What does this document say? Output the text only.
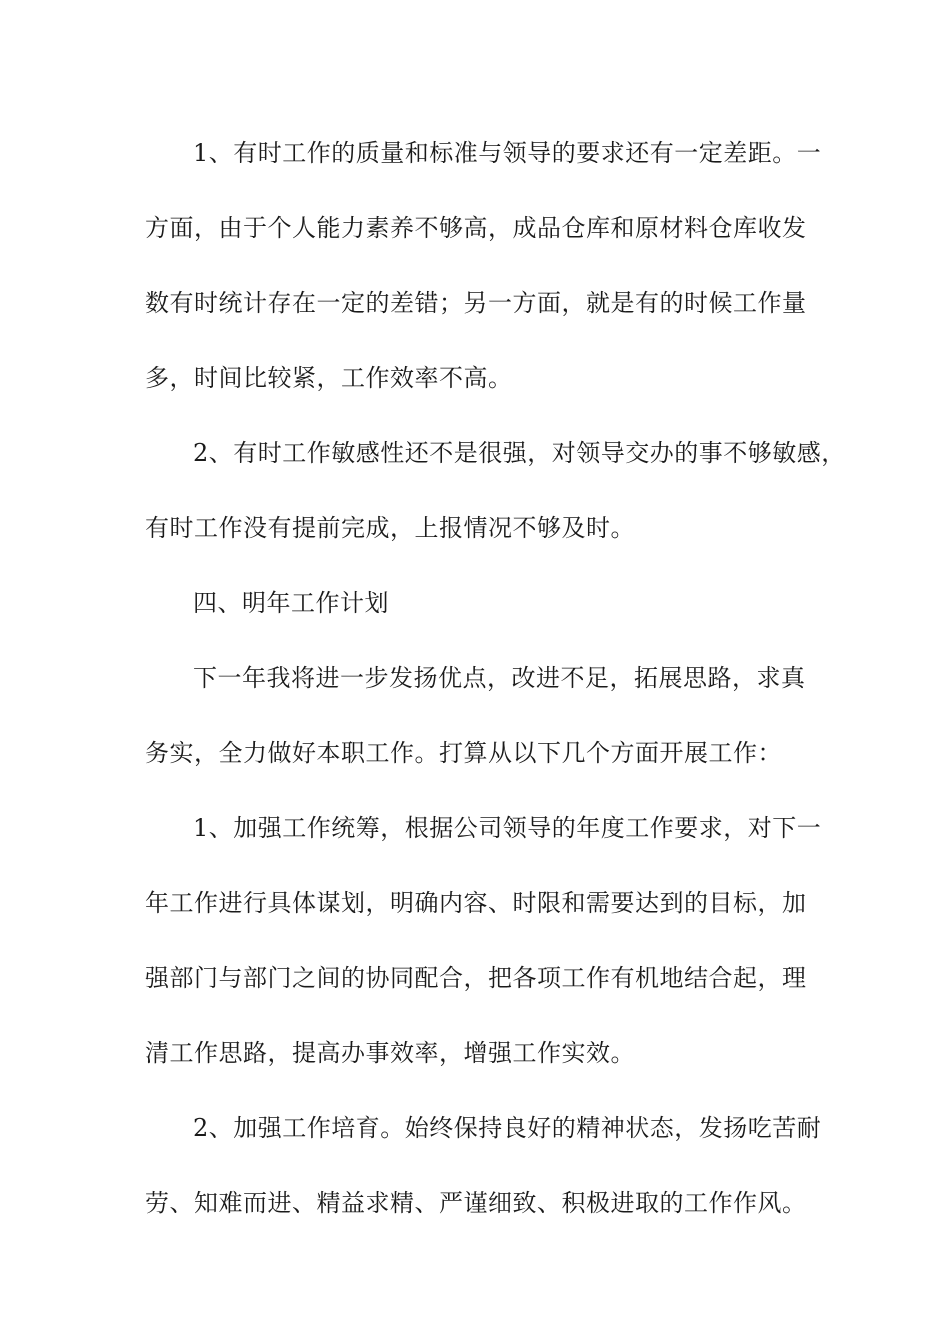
1、有时工作的质量和标准与领导的要求还有一定差距。一
方面，由于个人能力素养不够高，成品仓库和原材料仓库收发
数有时统计存在一定的差错；另一方面，就是有的时候工作量
多，时间比较紧，工作效率不高。
2、有时工作敏感性还不是很强，对领导交办的事不够敏感，
有时工作没有提前完成，上报情况不够及时。
四、明年工作计划
下一年我将进一步发扬优点，改进不足，拓展思路，求真
务实，全力做好本职工作。打算从以下几个方面开展工作：
1、加强工作统筹，根据公司领导的年度工作要求，对下一
年工作进行具体谋划，明确内容、时限和需要达到的目标，加
强部门与部门之间的协同配合，把各项工作有机地结合起，理
清工作思路，提高办事效率，增强工作实效。
2、加强工作培育。始终保持良好的精神状态，发扬吃苦耐
劳、知难而进、精益求精、严谨细致、积极进取的工作作风。
